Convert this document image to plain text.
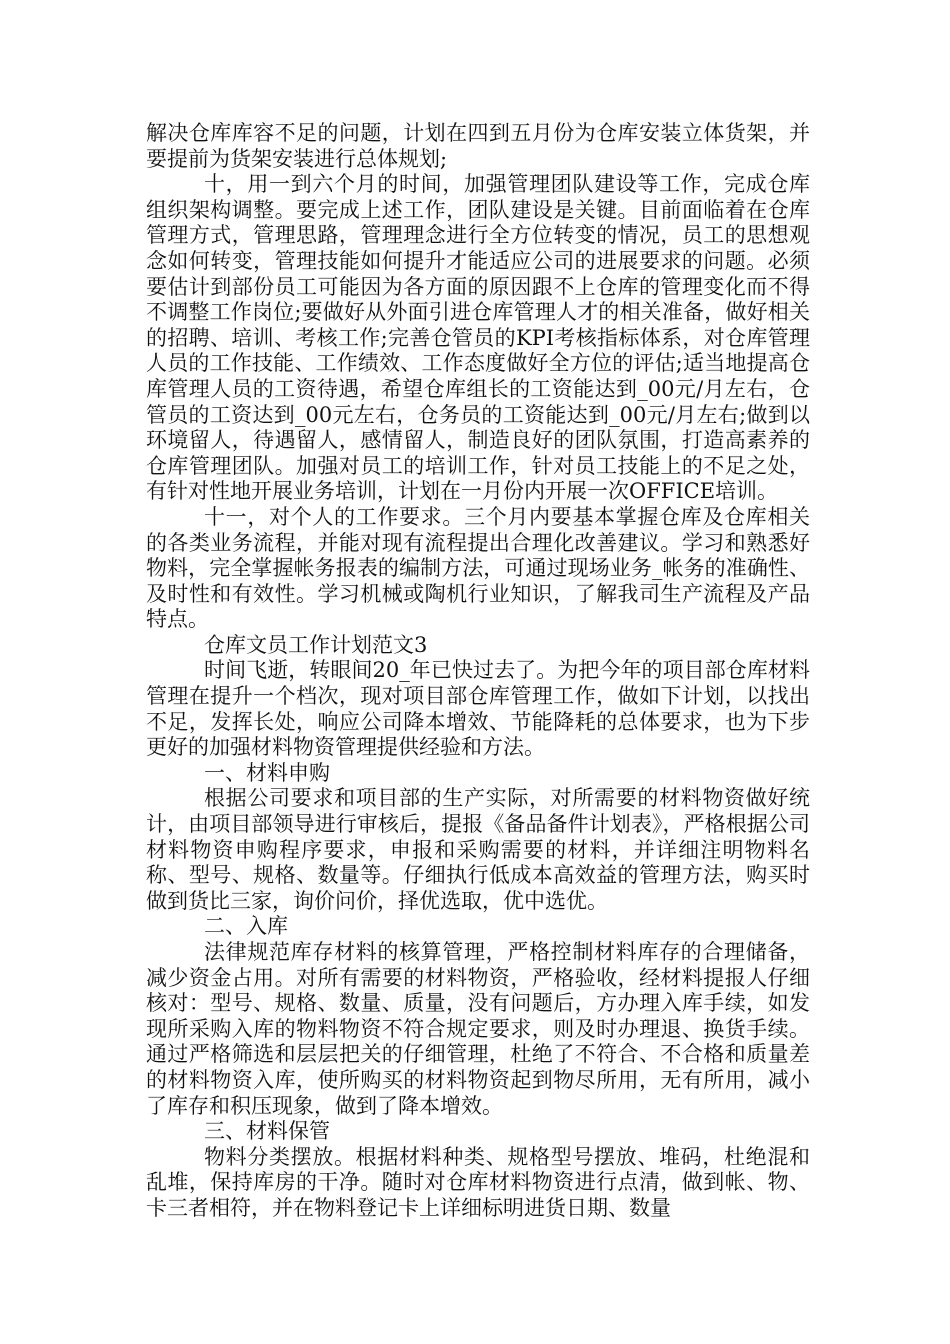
解决仓库库容不足的问题，计划在四到五月份为仓库安装立体货架，并要提前为货架安装进行总体规划;

十，用一到六个月的时间，加强管理团队建设等工作，完成仓库组织架构调整。要完成上述工作，团队建设是关键。目前面临着在仓库管理方式，管理思路，管理理念进行全方位转变的情况，员工的思想观念如何转变，管理技能如何提升才能适应公司的进展要求的问题。必须要估计到部份员工可能因为各方面的原因跟不上仓库的管理变化而不得不调整工作岗位;要做好从外面引进仓库管理人才的相关准备，做好相关的招聘、培训、考核工作;完善仓管员的KPI考核指标体系，对仓库管理人员的工作技能、工作绩效、工作态度做好全方位的评估;适当地提高仓库管理人员的工资待遇，希望仓库组长的工资能达到_00元/月左右，仓管员的工资达到_00元左右，仓务员的工资能达到_00元/月左右;做到以环境留人，待遇留人，感情留人，制造良好的团队氛围，打造高素养的仓库管理团队。加强对员工的培训工作，针对员工技能上的不足之处，有针对性地开展业务培训，计划在一月份内开展一次OFFICE培训。

十一，对个人的工作要求。三个月内要基本掌握仓库及仓库相关的各类业务流程，并能对现有流程提出合理化改善建议。学习和熟悉好物料，完全掌握帐务报表的编制方法，可通过现场业务_帐务的准确性、及时性和有效性。学习机械或陶机行业知识，了解我司生产流程及产品特点。

仓库文员工作计划范文3

时间飞逝，转眼间20_年已快过去了。为把今年的项目部仓库材料管理在提升一个档次，现对项目部仓库管理工作，做如下计划，以找出不足，发挥长处，响应公司降本增效、节能降耗的总体要求，也为下步更好的加强材料物资管理提供经验和方法。

一、材料申购

根据公司要求和项目部的生产实际，对所需要的材料物资做好统计，由项目部领导进行审核后，提报《备品备件计划表》，严格根据公司材料物资申购程序要求，申报和采购需要的材料，并详细注明物料名称、型号、规格、数量等。仔细执行低成本高效益的管理方法，购买时做到货比三家，询价问价，择优选取，优中选优。

二、入库

法律规范库存材料的核算管理，严格控制材料库存的合理储备，减少资金占用。对所有需要的材料物资，严格验收，经材料提报人仔细核对：型号、规格、数量、质量，没有问题后，方办理入库手续，如发现所采购入库的物料物资不符合规定要求，则及时办理退、换货手续。通过严格筛选和层层把关的仔细管理，杜绝了不符合、不合格和质量差的材料物资入库，使所购买的材料物资起到物尽所用，无有所用，减小了库存和积压现象，做到了降本增效。

三、材料保管

物料分类摆放。根据材料种类、规格型号摆放、堆码，杜绝混和乱堆，保持库房的干净。随时对仓库材料物资进行点清，做到帐、物、卡三者相符，并在物料登记卡上详细标明进货日期、数量
